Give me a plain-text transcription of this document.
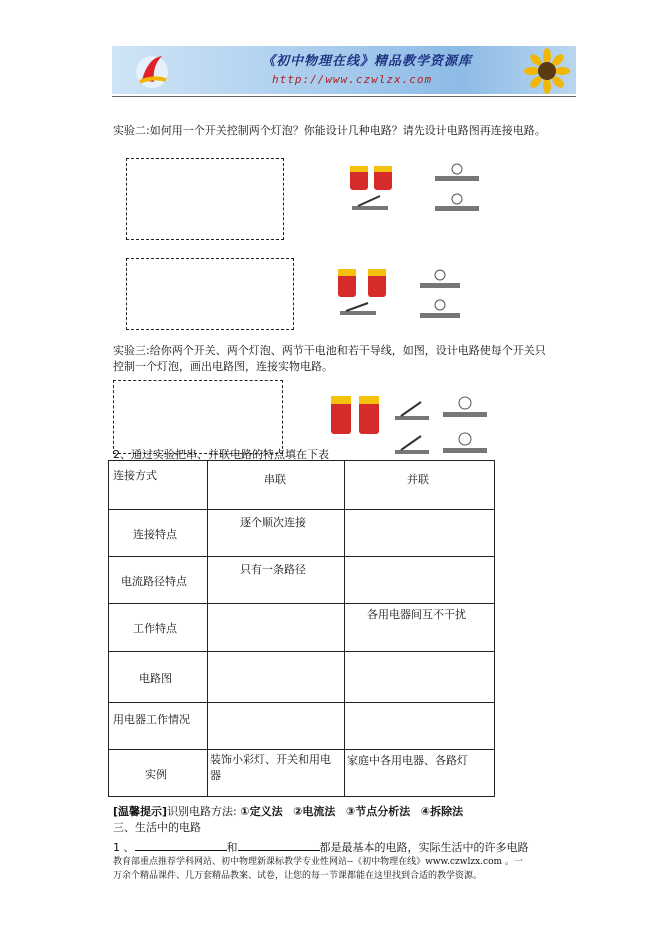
《初中物理在线》精品教学资源库
http://www.czwlzx.com
实验二:如何用一个开关控制两个灯泡？你能设计几种电路？请先设计电路图再连接电路。
实验三:给你两个开关、两个灯泡、两节干电池和若干导线，如图，设计电路使每个开关只控制一个灯泡，画出电路图，连接实物电路。
2、通过实验把串、并联电路的特点填在下表
连接方式	串联	并联

连接特点	逐个顺次连接	

电流路径特点	只有一条路径	

工作特点		各用电器间互不干扰

电路图		

用电器工作情况		

实例	装饰小彩灯、开关和用电器	家庭中各用电器、各路灯
[温馨提示]识别电路方法: ①定义法 ②电流法 ③节点分析法 ④拆除法
三、生活中的电路
1 、	和	都是最基本的电路，实际生活中的许多电路
教育部重点推荐学科网站、初中物理新课标教学专业性网站--《初中物理在线》www.czwlzx.com 。一
万余个精品课件、几万套精品教案、试卷，让您的每一节课都能在这里找到合适的教学资源。
